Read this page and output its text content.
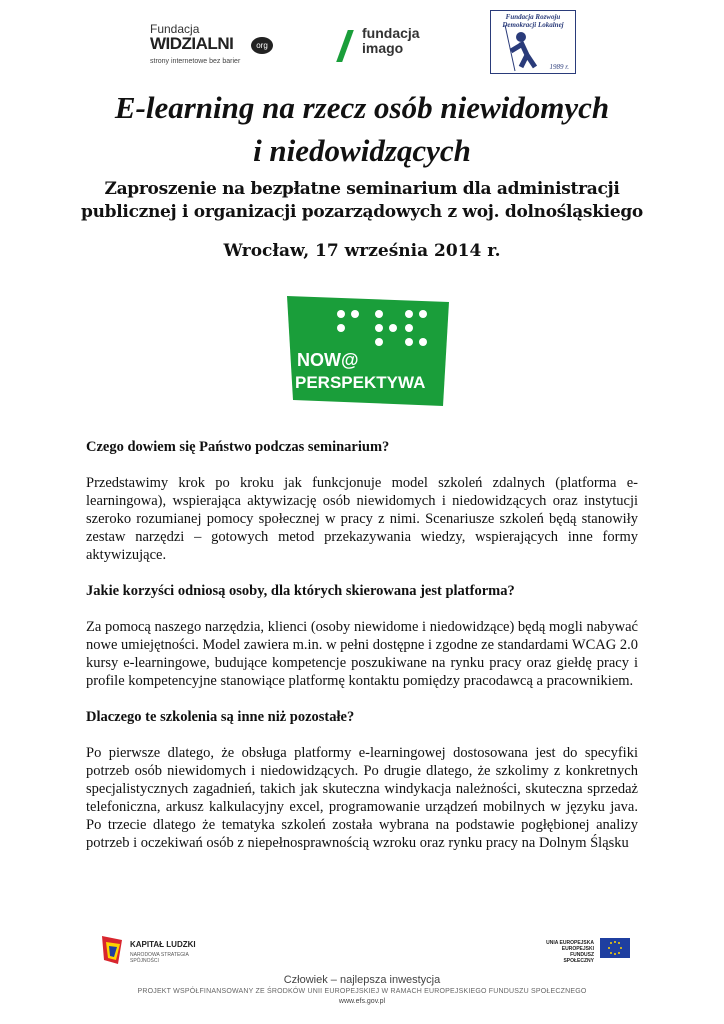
Fundacja
WIDZIALNI	org
strony internetowe bez barier
fundacja
imago
Fundacja Rozwoju Demokracji Lokalnej
1989 r.
E-learning na rzecz osób niewidomych
i niedowidzących
Zaproszenie na bezpłatne seminarium dla administracji
publicznej i organizacji pozarządowych z woj. dolnośląskiego
Wrocław, 17 września 2014 r.
NOW@
PERSPEKTYWA
Czego dowiem się Państwo podczas seminarium?

Przedstawimy krok po kroku jak funkcjonuje model szkoleń zdalnych (platforma e-learningowa), wspierająca aktywizację osób niewidomych i niedowidzących oraz instytucji szeroko rozumianej pomocy społecznej w pracy z nimi. Scenariusze szkoleń będą stanowiły zestaw narzędzi – gotowych metod przekazywania wiedzy, wspierających inne formy aktywizujące.

Jakie korzyści odniosą osoby, dla których skierowana jest platforma?

Za pomocą naszego narzędzia, klienci (osoby niewidome i niedowidzące) będą mogli nabywać nowe umiejętności. Model zawiera m.in. w pełni dostępne i zgodne ze standardami WCAG 2.0 kursy e-learningowe, budujące kompetencje poszukiwane na rynku pracy oraz giełdę pracy i profile kompetencyjne stanowiące platformę kontaktu pomiędzy pracodawcą a pracownikiem.

Dlaczego te szkolenia są inne niż pozostałe?

Po pierwsze dlatego, że obsługa platformy e-learningowej dostosowana jest do specyfiki potrzeb osób niewidomych i niedowidzących. Po drugie dlatego, że szkolimy z konkretnych specjalistycznych zagadnień, takich jak skuteczna windykacja należności, skuteczna sprzedaż telefoniczna, arkusz kalkulacyjny excel, programowanie urządzeń mobilnych w języku java. Po trzecie dlatego że tematyka szkoleń została wybrana na podstawie pogłębionej analizy potrzeb i oczekiwań osób z niepełnosprawnością wzroku oraz rynku pracy na Dolnym Śląsku

KAPITAŁ LUDZKI
NARODOWA STRATEGIA SPÓJNOŚCI
UNIA EUROPEJSKA
EUROPEJSKI
FUNDUSZ SPOŁECZNY
Człowiek – najlepsza inwestycja
PROJEKT WSPÓŁFINANSOWANY ZE ŚRODKÓW UNII EUROPEJSKIEJ W RAMACH EUROPEJSKIEGO FUNDUSZU SPOŁECZNEGO
www.efs.gov.pl
